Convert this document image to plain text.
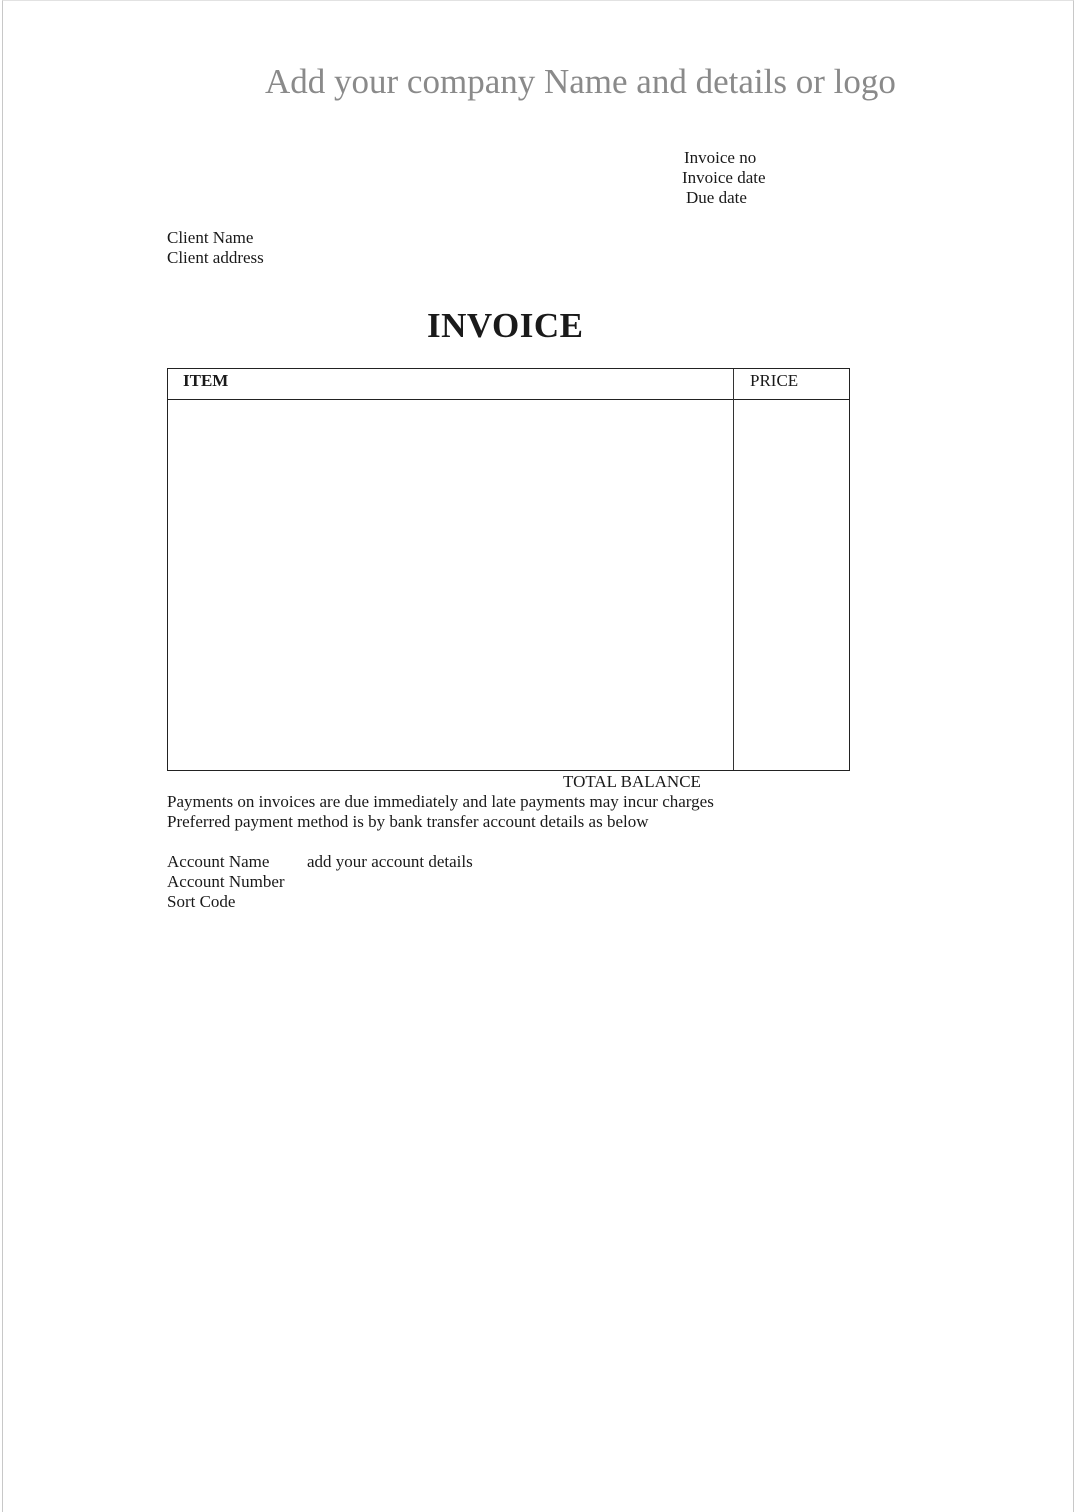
Add your company Name and details or logo
Invoice no
Invoice date
Due date
Client Name
Client address
INVOICE
ITEM	PRICE
TOTAL BALANCE
Payments on invoices are due immediately and late payments may incur charges
Preferred payment method is by bank transfer account details as below
Account Name add your account details
Account Number
Sort Code
